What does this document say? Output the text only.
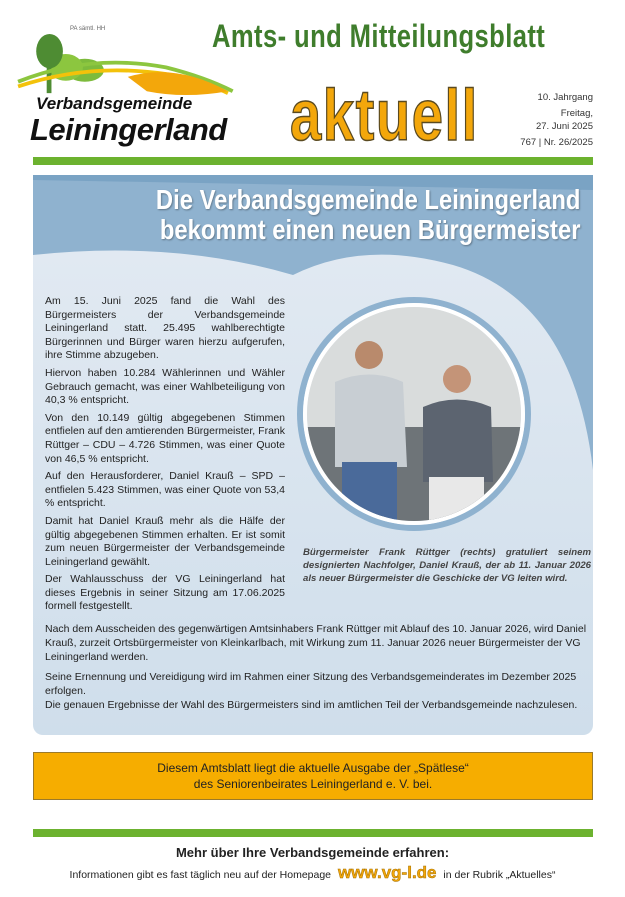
PA sämtl. HH	Amts- und Mitteilungsblatt
Verbandsgemeinde
Leiningerland aktuell	10. Jahrgang
Freitag,
27. Juni 2025
767 | Nr. 26/2025
Die Verbandsgemeinde Leiningerland
bekommt einen neuen Bürgermeister

Am 15. Juni 2025 fand die Wahl des Bürgermeisters der Verbandsgemeinde Leiningerland statt. 25.495 wahlberechtigte Bürgerinnen und Bürger waren hierzu aufgerufen, ihre Stimme abzugeben.

Hiervon haben 10.284 Wählerinnen und Wähler Gebrauch gemacht, was einer Wahlbeteiligung von 40,3 % entspricht.

Von den 10.149 gültig abgegebenen Stimmen entfielen auf den amtierenden Bürgermeister, Frank Rüttger – CDU – 4.726 Stimmen, was einer Quote von 46,5 % entspricht.

Auf den Herausforderer, Daniel Krauß – SPD – entfielen 5.423 Stimmen, was einer Quote von 53,4 % entspricht.

Damit hat Daniel Krauß mehr als die Hälfe der gültig abgegebenen Stimmen erhalten. Er ist somit zum neuen Bürgermeister der Verbandsgemeinde Leiningerland gewählt.

Der Wahlausschuss der VG Leiningerland hat dieses Ergebnis in seiner Sitzung am 17.06.2025 formell festgestellt.

Bürgermeister Frank Rüttger (rechts) gratuliert seinem designierten Nachfolger, Daniel Krauß, der ab 11. Januar 2026 als neuer Bürgermeister die Geschicke der VG leiten wird.

Nach dem Ausscheiden des gegenwärtigen Amtsinhabers Frank Rüttger mit Ablauf des 10. Januar 2026, wird Daniel Krauß, zurzeit Ortsbürgermeister von Kleinkarlbach, mit Wirkung zum 11. Januar 2026 neuer Bürgermeister der VG Leiningerland werden.

Seine Ernennung und Vereidigung wird im Rahmen einer Sitzung des Verbandsgemeinderates im Dezember 2025 erfolgen.

Die genauen Ergebnisse der Wahl des Bürgermeisters sind im amtlichen Teil der Verbandsgemeinde nachzulesen.

Diesem Amtsblatt liegt die aktuelle Ausgabe der „Spätlese“
des Seniorenbeirates Leiningerland e. V. bei.
Mehr über Ihre Verbandsgemeinde erfahren:
Informationen gibt es fast täglich neu auf der Homepage www.vg-l.de in der Rubrik „Aktuelles“
